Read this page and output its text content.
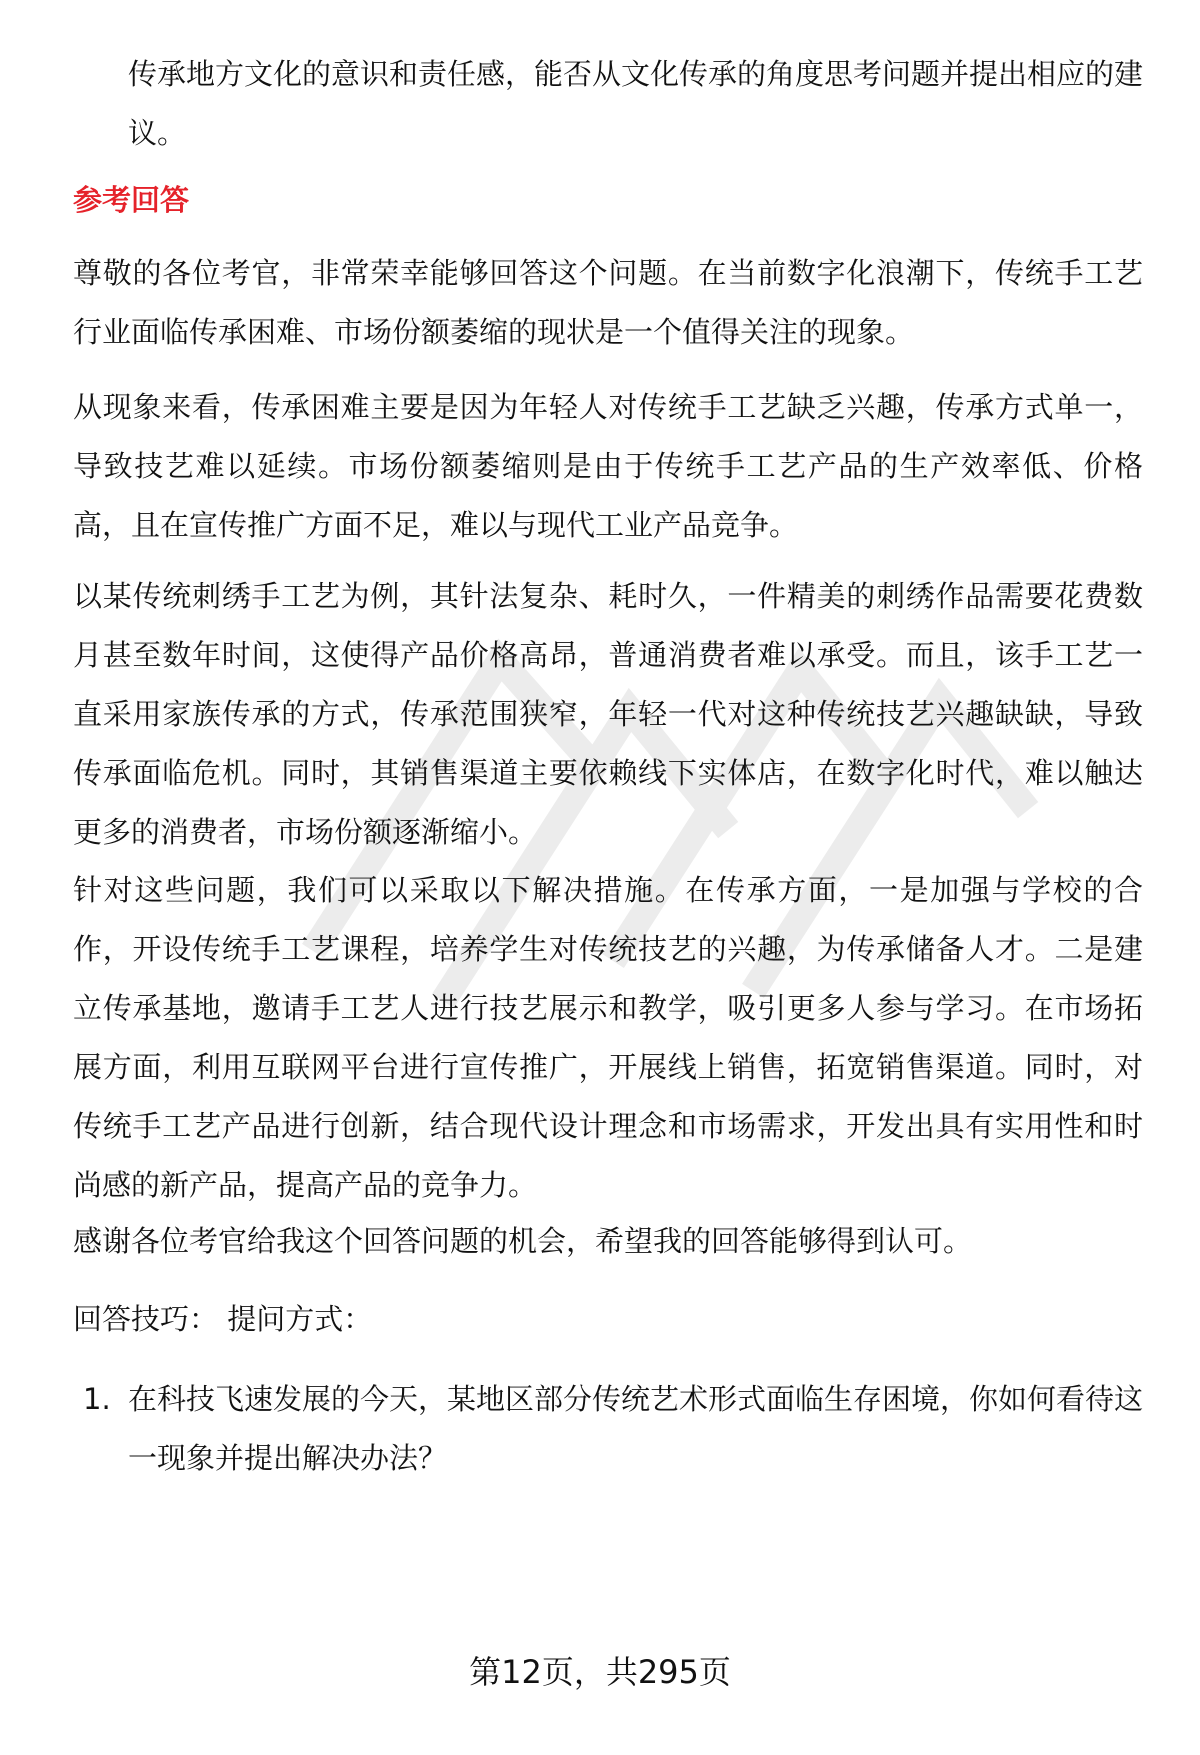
传承地方文化的意识和责任感，能否从文化传承的角度思考问题并提出相应的建议。

参考回答

尊敬的各位考官，非常荣幸能够回答这个问题。在当前数字化浪潮下，传统手工艺行业面临传承困难、市场份额萎缩的现状是一个值得关注的现象。

从现象来看，传承困难主要是因为年轻人对传统手工艺缺乏兴趣，传承方式单一，导致技艺难以延续。市场份额萎缩则是由于传统手工艺产品的生产效率低、价格高，且在宣传推广方面不足，难以与现代工业产品竞争。

以某传统刺绣手工艺为例，其针法复杂、耗时久，一件精美的刺绣作品需要花费数月甚至数年时间，这使得产品价格高昂，普通消费者难以承受。而且，该手工艺一直采用家族传承的方式，传承范围狭窄，年轻一代对这种传统技艺兴趣缺缺，导致传承面临危机。同时，其销售渠道主要依赖线下实体店，在数字化时代，难以触达更多的消费者，市场份额逐渐缩小。

针对这些问题，我们可以采取以下解决措施。在传承方面，一是加强与学校的合作，开设传统手工艺课程，培养学生对传统技艺的兴趣，为传承储备人才。二是建立传承基地，邀请手工艺人进行技艺展示和教学，吸引更多人参与学习。在市场拓展方面，利用互联网平台进行宣传推广，开展线上销售，拓宽销售渠道。同时，对传统手工艺产品进行创新，结合现代设计理念和市场需求，开发出具有实用性和时尚感的新产品，提高产品的竞争力。

感谢各位考官给我这个回答问题的机会，希望我的回答能够得到认可。

回答技巧： 提问方式：

1. 在科技飞速发展的今天，某地区部分传统艺术形式面临生存困境，你如何看待这一现象并提出解决办法？

第12页，共295页
